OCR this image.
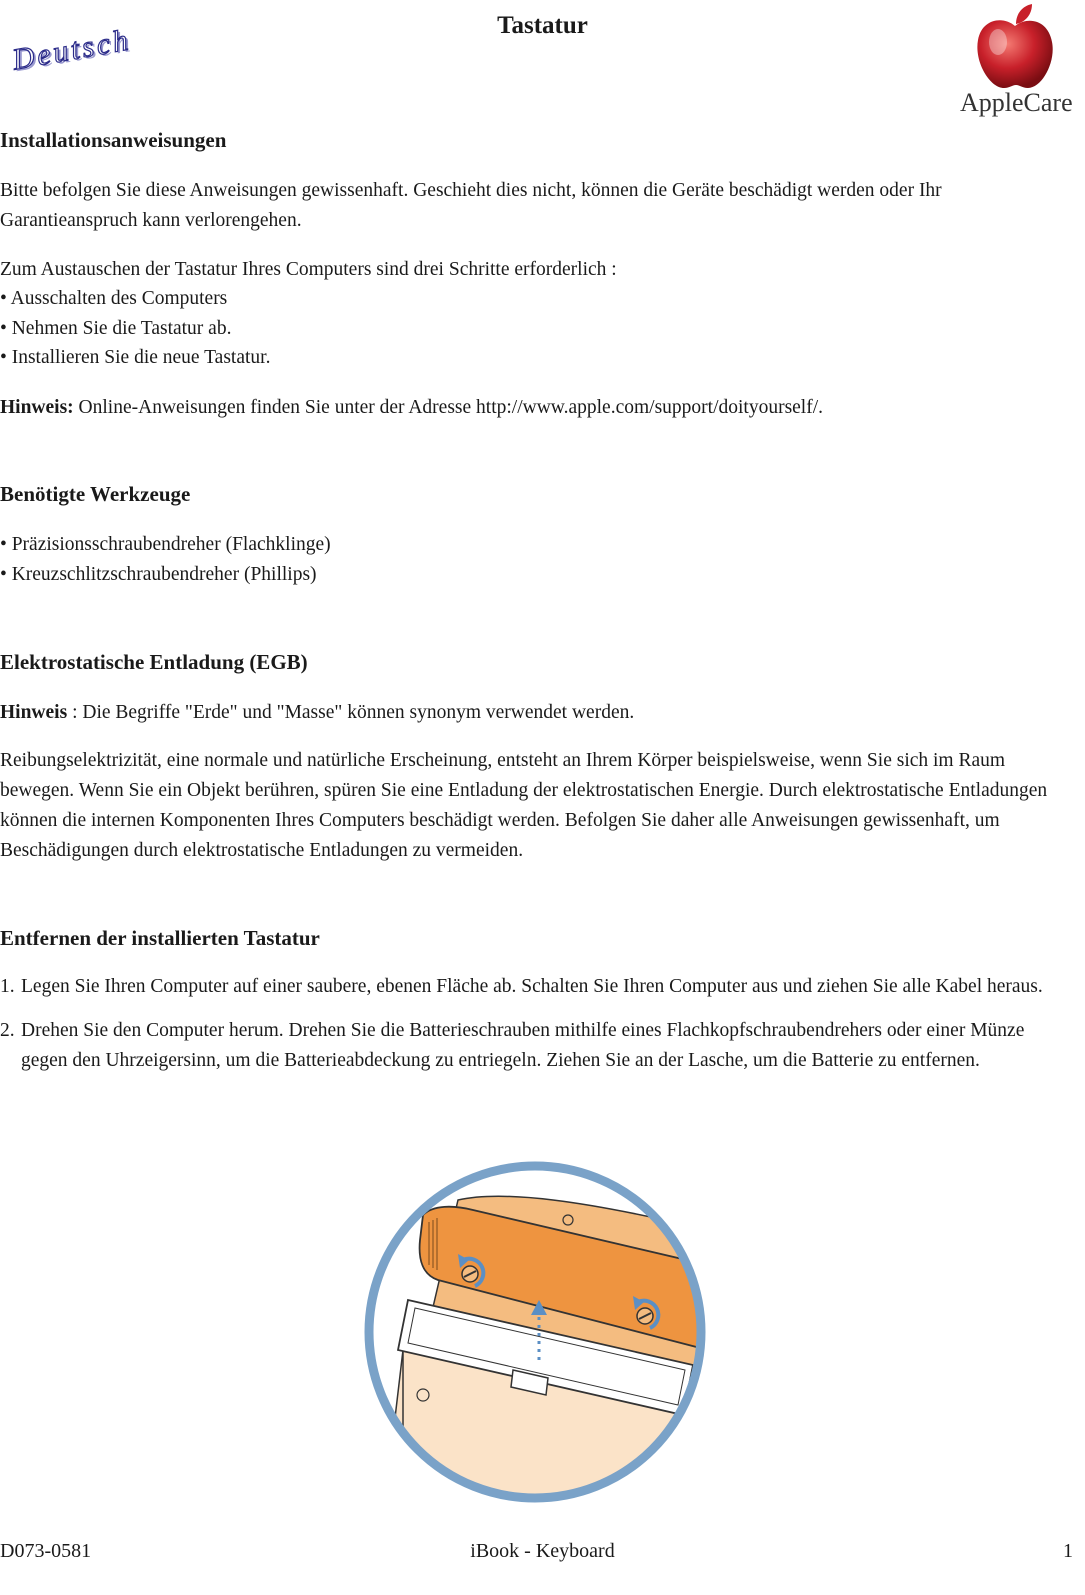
Tastatur
Deutsch
AppleCare
Installationsanweisungen

Bitte befolgen Sie diese Anweisungen gewissenhaft. Geschieht dies nicht, können die Geräte beschädigt werden oder Ihr Garantieanspruch kann verlorengehen.

Zum Austauschen der Tastatur Ihres Computers sind drei Schritte erforderlich :

• Ausschalten des Computers
• Nehmen Sie die Tastatur ab.
• Installieren Sie die neue Tastatur.

Hinweis: Online-Anweisungen finden Sie unter der Adresse http://www.apple.com/support/doityourself/.

Benötigte Werkzeuge
• Präzisionsschraubendreher (Flachklinge)
• Kreuzschlitzschraubendreher (Phillips)
Elektrostatische Entladung (EGB)

Hinweis : Die Begriffe "Erde" und "Masse" können synonym verwendet werden.

Reibungselektrizität, eine normale und natürliche Erscheinung, entsteht an Ihrem Körper beispielsweise, wenn Sie sich im Raum bewegen. Wenn Sie ein Objekt berühren, spüren Sie eine Entladung der elektrostatischen Energie. Durch elektrostatische Entladungen können die internen Komponenten Ihres Computers beschädigt werden. Befolgen Sie daher alle Anweisungen gewissenhaft, um Beschädigungen durch elektrostatische Entladungen zu vermeiden.

Entfernen der installierten Tastatur
1. Legen Sie Ihren Computer auf einer saubere, ebenen Fläche ab. Schalten Sie Ihren Computer aus und ziehen Sie alle Kabel heraus.
2. Drehen Sie den Computer herum. Drehen Sie die Batterieschrauben mithilfe eines Flachkopfschraubendrehers oder einer Münze gegen den Uhrzeigersinn, um die Batterieabdeckung zu entriegeln. Ziehen Sie an der Lasche, um die Batterie zu entfernen.
D073-0581	iBook - Keyboard	1
